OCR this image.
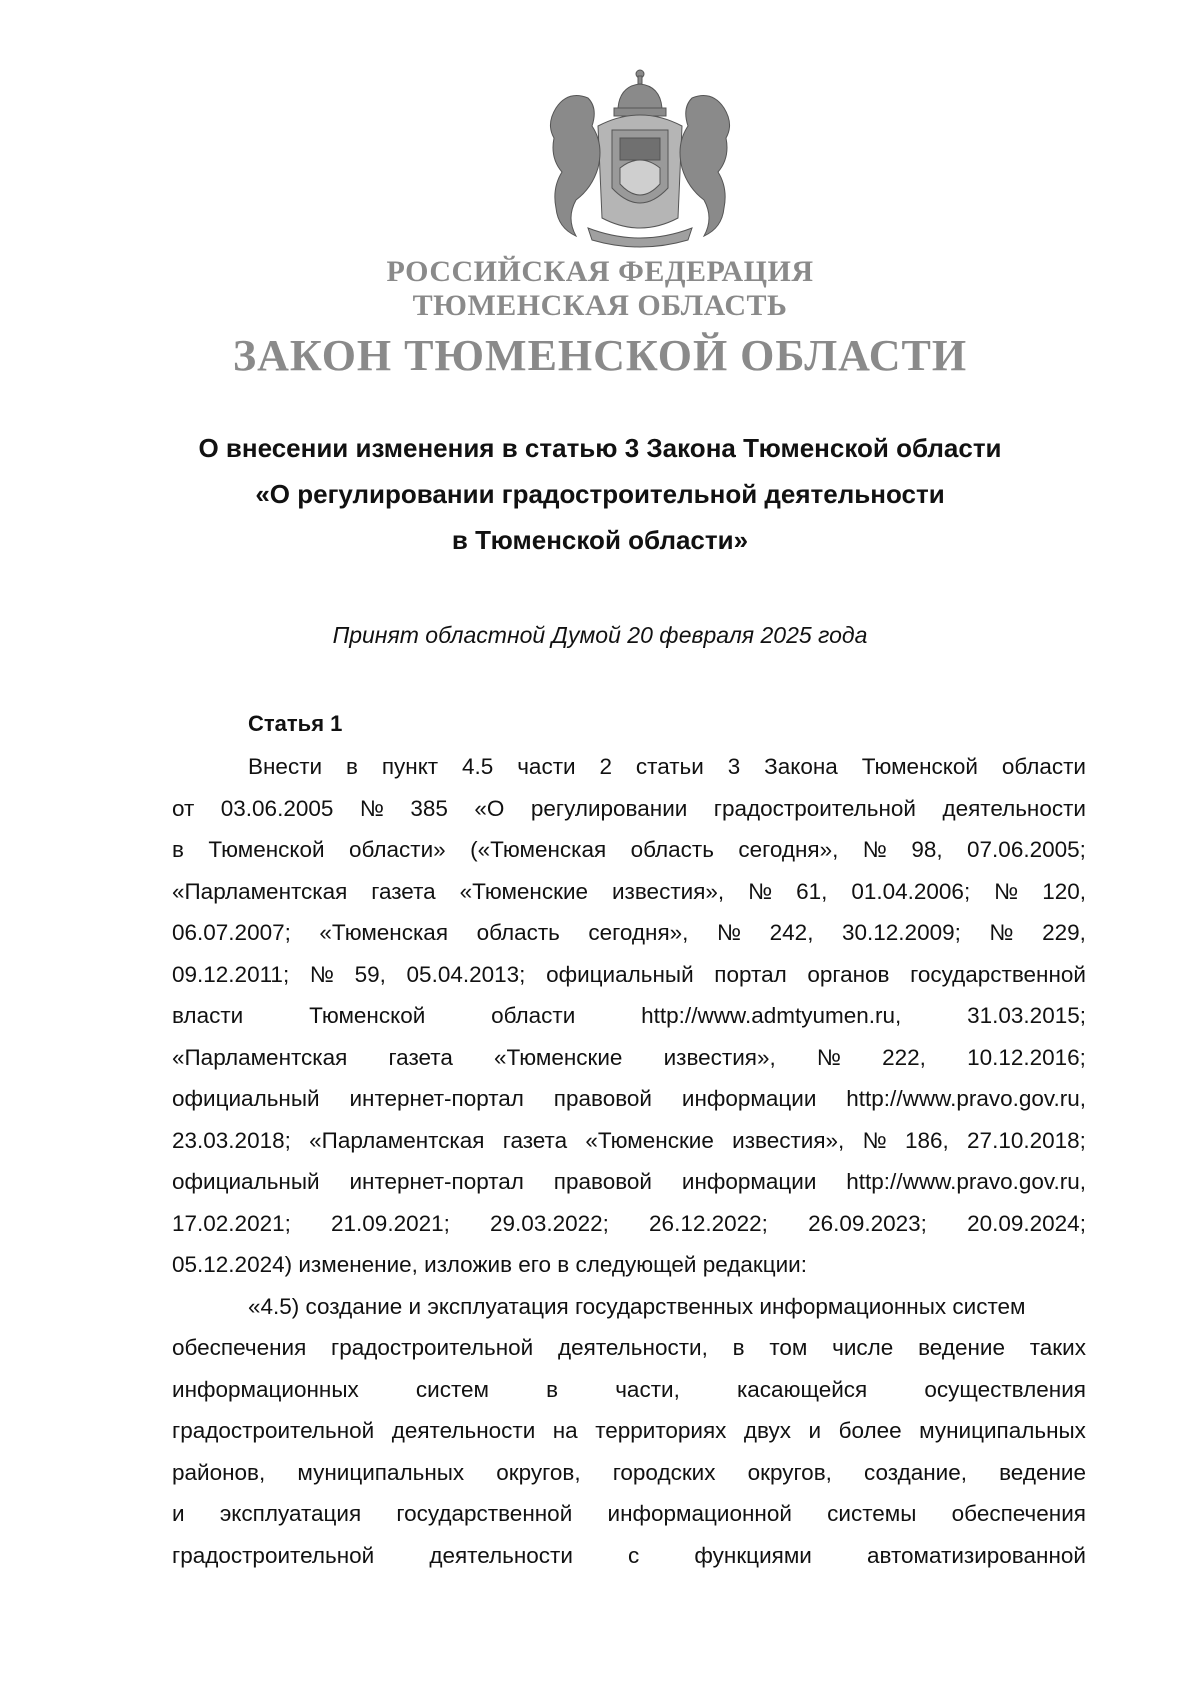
РОССИЙСКАЯ ФЕДЕРАЦИЯ
ТЮМЕНСКАЯ ОБЛАСТЬ
ЗАКОН ТЮМЕНСКОЙ ОБЛАСТИ
О внесении изменения в статью 3 Закона Тюменской области
«О регулировании градостроительной деятельности
в Тюменской области»
Принят областной Думой 20 февраля 2025 года
Статья 1
Внести в пункт 4.5 части 2 статьи 3 Закона Тюменской области
от 03.06.2005 № 385 «О регулировании градостроительной деятельности
в Тюменской области» («Тюменская область сегодня», № 98, 07.06.2005;
«Парламентская газета «Тюменские известия», № 61, 01.04.2006; № 120,
06.07.2007; «Тюменская область сегодня», № 242, 30.12.2009; № 229,
09.12.2011; № 59, 05.04.2013; официальный портал органов государственной
власти	Тюменской	области	http://www.admtyumen.ru,	31.03.2015;
«Парламентская газета «Тюменские известия», № 222, 10.12.2016;
официальный интернет-портал правовой информации http://www.pravo.gov.ru,
23.03.2018; «Парламентская газета «Тюменские известия», № 186, 27.10.2018;
официальный интернет-портал правовой информации http://www.pravo.gov.ru,
17.02.2021; 21.09.2021; 29.03.2022; 26.12.2022; 26.09.2023; 20.09.2024;
05.12.2024) изменение, изложив его в следующей редакции:
«4.5) создание и эксплуатация государственных информационных систем
обеспечения градостроительной деятельности, в том числе ведение таких
информационных	систем	в	части,	касающейся	осуществления
градостроительной деятельности на территориях двух и более муниципальных
районов, муниципальных округов, городских округов, создание, ведение
и эксплуатация государственной информационной системы обеспечения
градостроительной деятельности с функциями автоматизированной
